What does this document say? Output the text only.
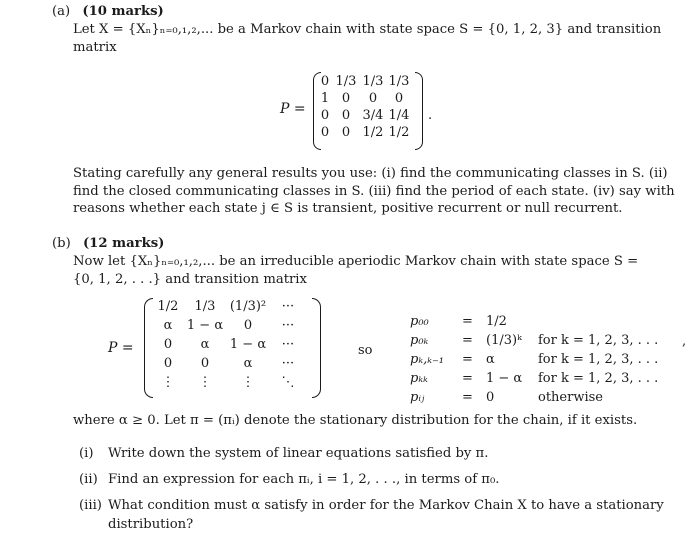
(a) (10 marks)

Let X = {Xₙ}ₙ₌₀,₁,₂,... be a Markov chain with state space S = {0, 1, 2, 3} and transition

matrix

P =
0 1/3 1/3 1/3
1 0	0	0
0 0 3/4 1/4
0 0 1/2 1/2
.

Stating carefully any general results you use: (i) find the communicating classes in S. (ii)

find the closed communicating classes in S. (iii) find the period of each state. (iv) say with

reasons whether each state j ∈ S is transient, positive recurrent or null recurrent.

(b) (12 marks)

Now let {Xₙ}ₙ₌₀,₁,₂,... be an irreducible aperiodic Markov chain with state space S =

{0, 1, 2, . . .} and transition matrix

P =
1/2	1/3	(1/3)²	···
α	1 − α	0	···
0	α	1 − α	···
0	0	α	···
⋮	⋮	⋮	⋱
so
p₀₀	= 1/2
p₀ₖ	= (1/3)ᵏ for k = 1, 2, 3, . . .
pₖ,ₖ₋₁ = α	for k = 1, 2, 3, . . .
pₖₖ	= 1 − α for k = 1, 2, 3, . . .
pᵢⱼ	= 0	otherwise
,
where α ≥ 0. Let π = (πᵢ) denote the stationary distribution for the chain, if it exists.
(i) Write down the system of linear equations satisfied by π.
(ii) Find an expression for each πᵢ, i = 1, 2, . . ., in terms of π₀.
(iii) What condition must α satisfy in order for the Markov Chain X to have a stationary
distribution?
